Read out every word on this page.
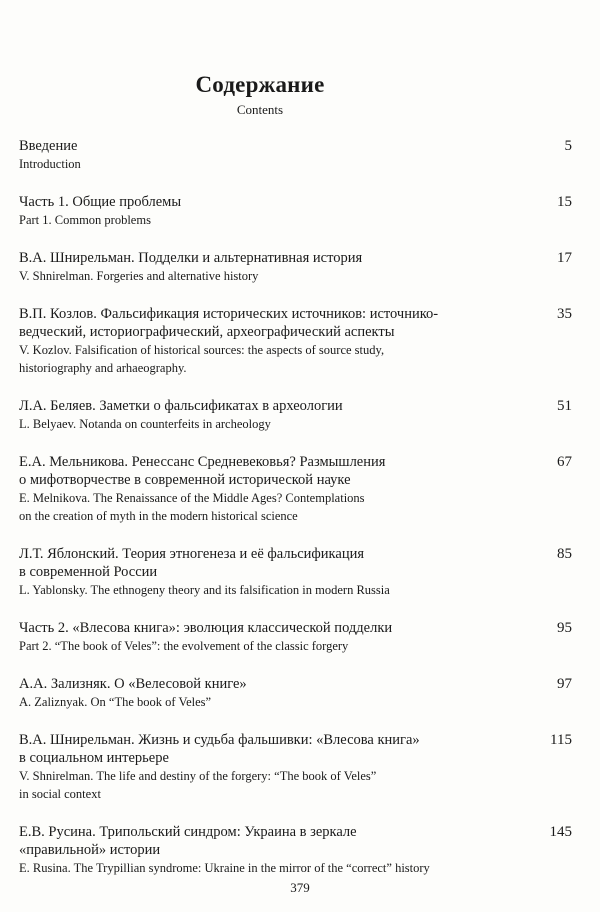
Содержание
Contents
Введение
Introduction
5
Часть 1. Общие проблемы
Part 1. Common problems
15
В.А. Шнирельман. Подделки и альтернативная история
V. Shnirelman. Forgeries and alternative history
17
В.П. Козлов. Фальсификация исторических источников: источнико-
ведческий, историографический, археографический аспекты
V. Kozlov. Falsification of historical sources: the aspects of source study,
historiography and arhaeography.
35
Л.А. Беляев. Заметки о фальсификатах в археологии
L. Belyaev. Notanda on counterfeits in archeology
51
Е.А. Мельникова. Ренессанс Средневековья? Размышления
о мифотворчестве в современной исторической науке
E. Melnikova. The Renaissance of the Middle Ages? Contemplations
on the creation of myth in the modern historical science
67
Л.Т. Яблонский. Теория этногенеза и её фальсификация
в современной России
L. Yablonsky. The ethnogeny theory and its falsification in modern Russia
85
Часть 2. «Влесова книга»: эволюция классической подделки
Part 2. “The book of Veles”: the evolvement of the classic forgery
95
А.А. Зализняк. О «Велесовой книге»
A. Zaliznyak. On “The book of Veles”
97
В.А. Шнирельман. Жизнь и судьба фальшивки: «Влесова книга»
в социальном интерьере
V. Shnirelman. The life and destiny of the forgery: “The book of Veles”
in social context
115
Е.В. Русина. Трипольский синдром: Украина в зеркале
«правильной» истории
E. Rusina. The Trypillian syndrome: Ukraine in the mirror of the “correct” history
145
379
